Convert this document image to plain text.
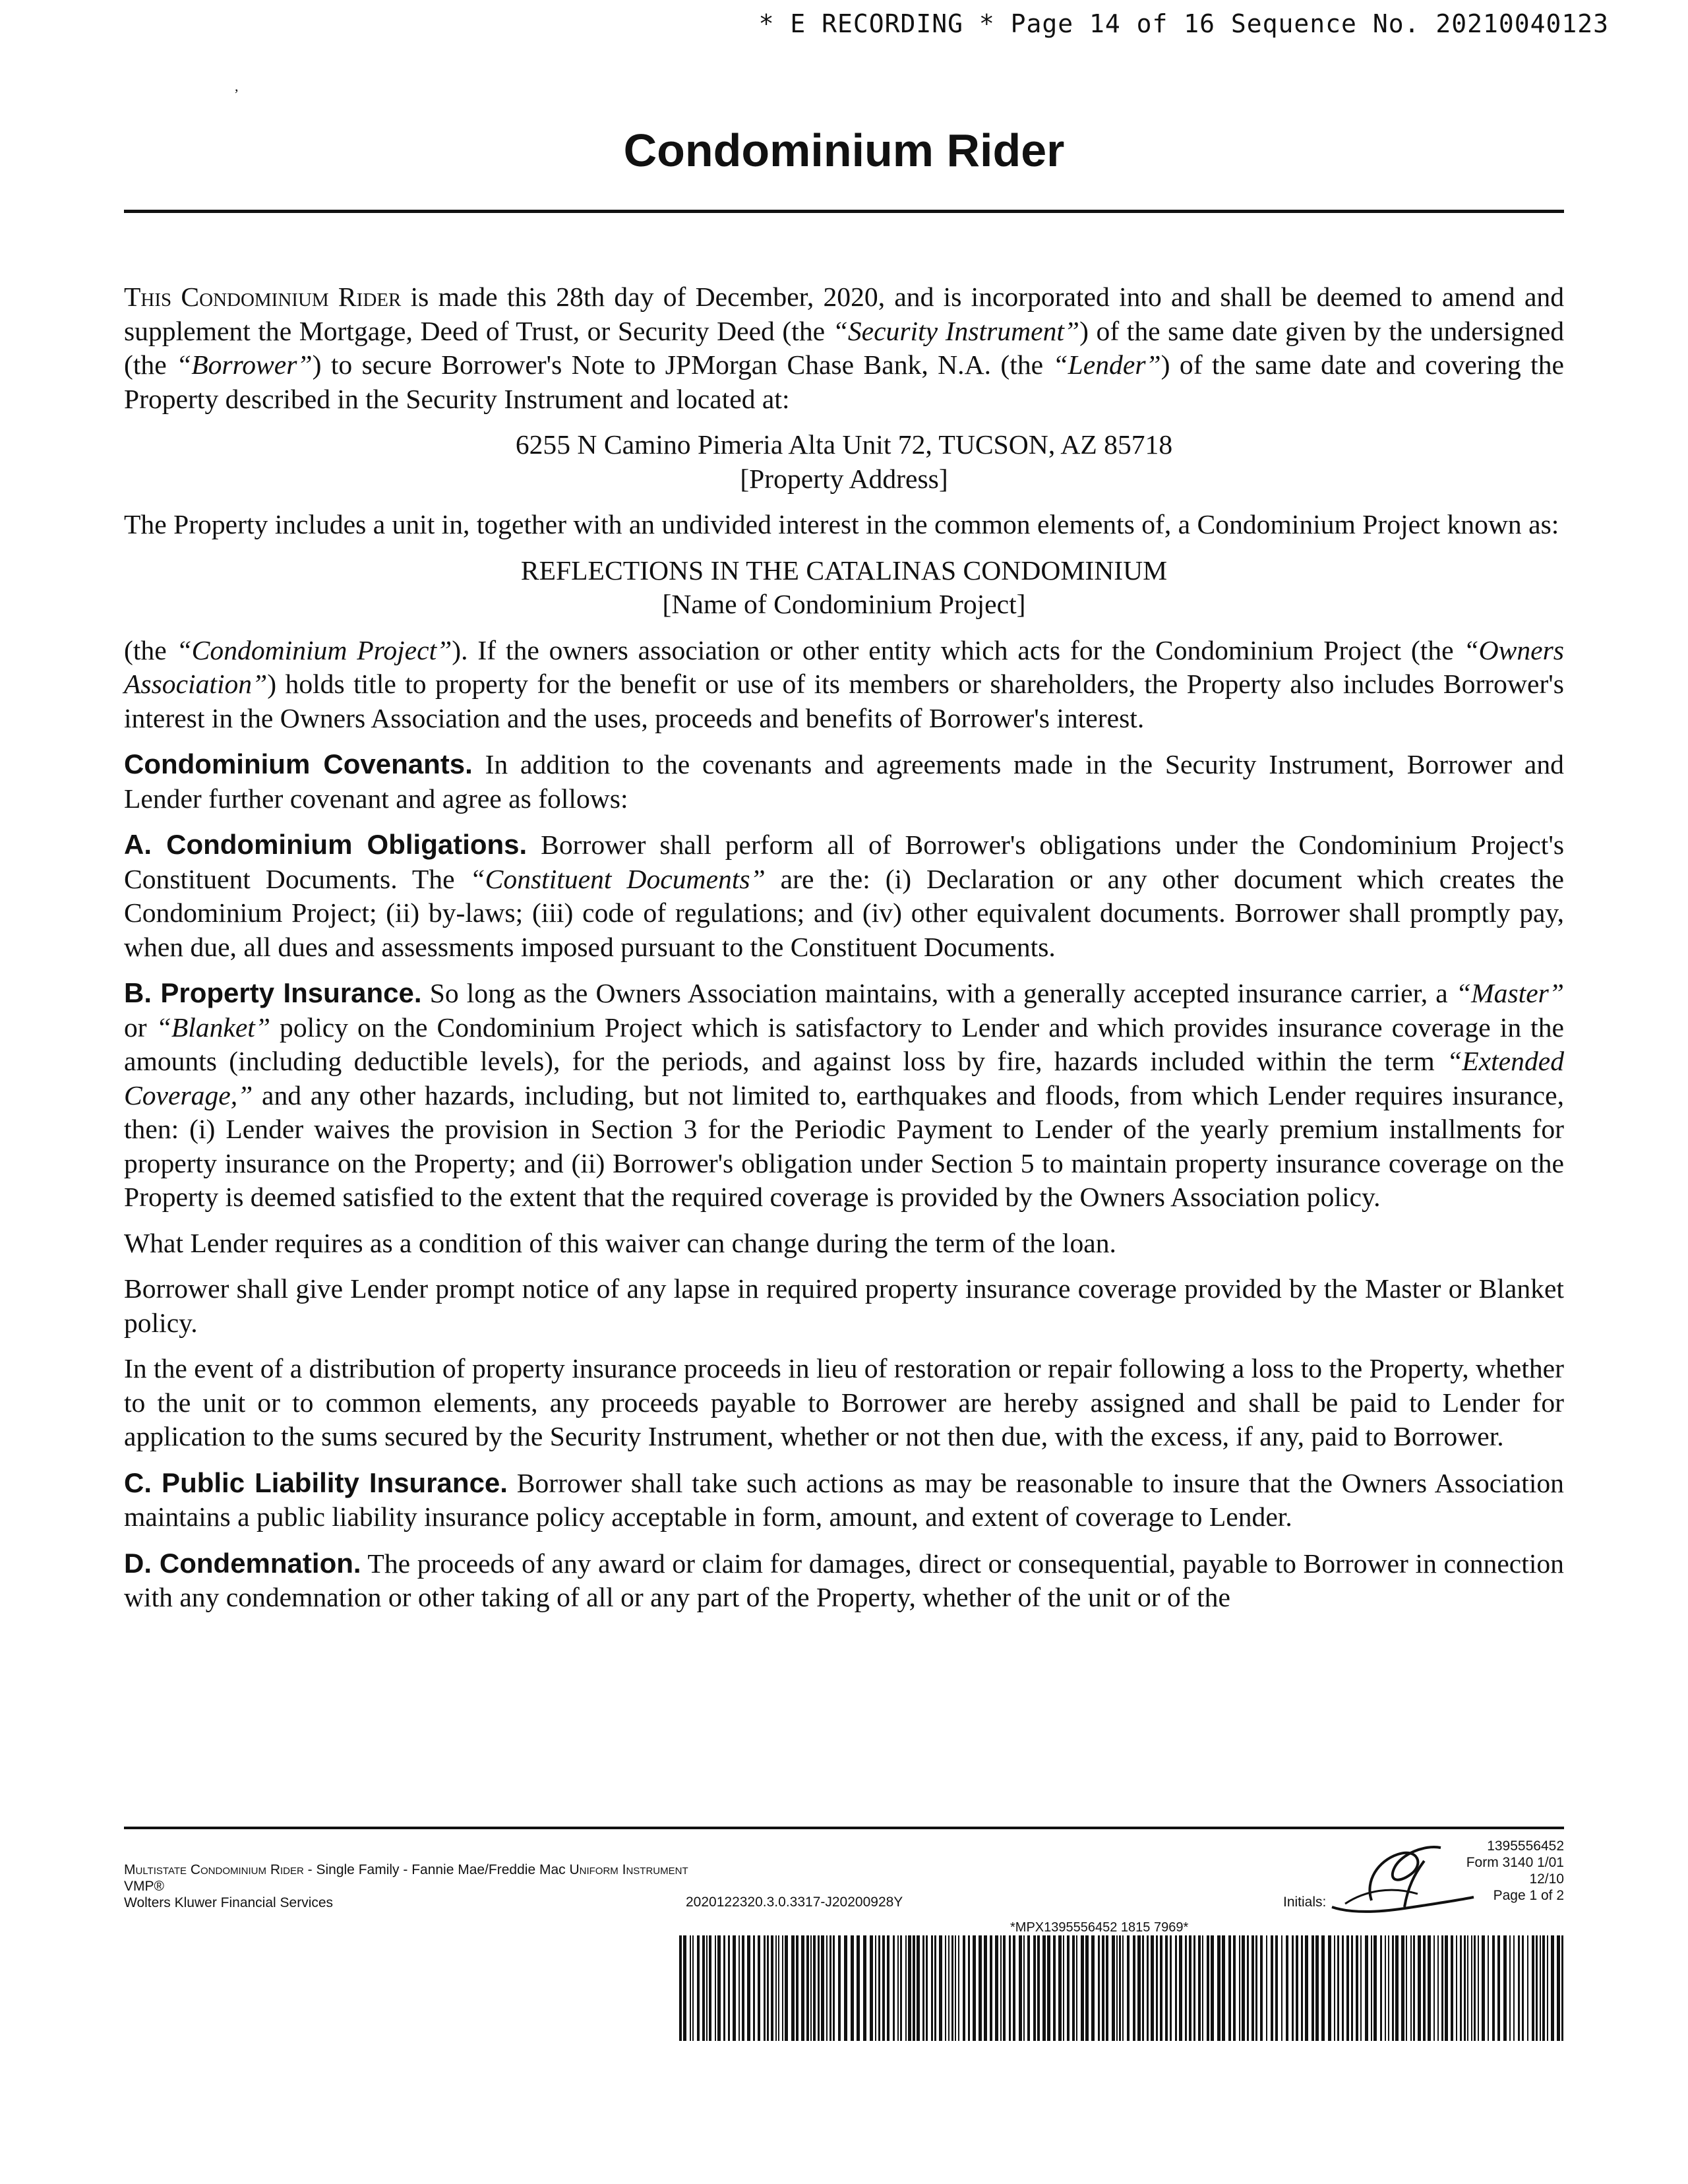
* E RECORDING * Page 14 of 16 Sequence No. 20210040123
,
Condominium Rider

This Condominium Rider is made this 28th day of December, 2020, and is incorporated into and shall be deemed to amend and supplement the Mortgage, Deed of Trust, or Security Deed (the “Security Instrument”) of the same date given by the undersigned (the “Borrower”) to secure Borrower's Note to JPMorgan Chase Bank, N.A. (the “Lender”) of the same date and covering the Property described in the Security Instrument and located at:

6255 N Camino Pimeria Alta Unit 72, TUCSON, AZ 85718
[Property Address]

The Property includes a unit in, together with an undivided interest in the common elements of, a Condominium Project known as:

REFLECTIONS IN THE CATALINAS CONDOMINIUM
[Name of Condominium Project]

(the “Condominium Project”). If the owners association or other entity which acts for the Condominium Project (the “Owners Association”) holds title to property for the benefit or use of its members or shareholders, the Property also includes Borrower's interest in the Owners Association and the uses, proceeds and benefits of Borrower's interest.

Condominium Covenants. In addition to the covenants and agreements made in the Security Instrument, Borrower and Lender further covenant and agree as follows:

A. Condominium Obligations. Borrower shall perform all of Borrower's obligations under the Condominium Project's Constituent Documents. The “Constituent Documents” are the: (i) Declaration or any other document which creates the Condominium Project; (ii) by-laws; (iii) code of regulations; and (iv) other equivalent documents. Borrower shall promptly pay, when due, all dues and assessments imposed pursuant to the Constituent Documents.

B. Property Insurance. So long as the Owners Association maintains, with a generally accepted insurance carrier, a “Master” or “Blanket” policy on the Condominium Project which is satisfactory to Lender and which provides insurance coverage in the amounts (including deductible levels), for the periods, and against loss by fire, hazards included within the term “Extended Coverage,” and any other hazards, including, but not limited to, earthquakes and floods, from which Lender requires insurance, then: (i) Lender waives the provision in Section 3 for the Periodic Payment to Lender of the yearly premium installments for property insurance on the Property; and (ii) Borrower's obligation under Section 5 to maintain property insurance coverage on the Property is deemed satisfied to the extent that the required coverage is provided by the Owners Association policy.

What Lender requires as a condition of this waiver can change during the term of the loan.

Borrower shall give Lender prompt notice of any lapse in required property insurance coverage provided by the Master or Blanket policy.

In the event of a distribution of property insurance proceeds in lieu of restoration or repair following a loss to the Property, whether to the unit or to common elements, any proceeds payable to Borrower are hereby assigned and shall be paid to Lender for application to the sums secured by the Security Instrument, whether or not then due, with the excess, if any, paid to Borrower.

C. Public Liability Insurance. Borrower shall take such actions as may be reasonable to insure that the Owners Association maintains a public liability insurance policy acceptable in form, amount, and extent of coverage to Lender.

D. Condemnation. The proceeds of any award or claim for damages, direct or consequential, payable to Borrower in connection with any condemnation or other taking of all or any part of the Property, whether of the unit or of the

Multistate Condominium Rider - Single Family - Fannie Mae/Freddie Mac Uniform Instrument
VMP®
Wolters Kluwer Financial Services	2020122320.3.0.3317-J20200928Y	Initials:
1395556452
Form 3140 1/01
12/10
Page 1 of 2
*MPX1395556452 1815 7969*
